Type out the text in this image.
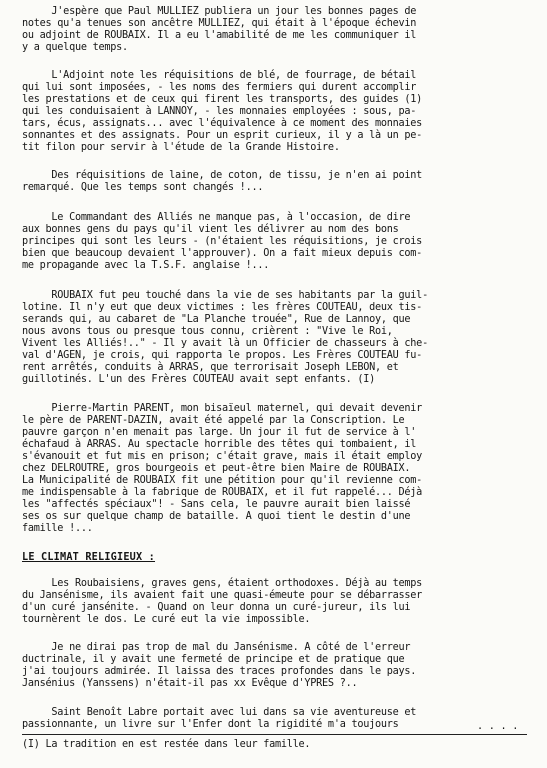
J'espère que Paul MULLIEZ publiera un jour les bonnes pages de
notes qu'a tenues son ancêtre MULLIEZ, qui était à l'époque échevin
ou adjoint de ROUBAIX. Il a eu l'amabilité de me les communiquer il
y a quelque temps.
L'Adjoint note les réquisitions de blé, de fourrage, de bétail
qui lui sont imposées, - les noms des fermiers qui durent accomplir
les prestations et de ceux qui firent les transports, des guides (1)
qui les conduisaient à LANNOY, - les monnaies employées : sous, pa-
tars, écus, assignats... avec l'équivalence à ce moment des monnaies
sonnantes et des assignats. Pour un esprit curieux, il y a là un pe-
tit filon pour servir à l'étude de la Grande Histoire.
Des réquisitions de laine, de coton, de tissu, je n'en ai point
remarqué. Que les temps sont changés !...
Le Commandant des Alliés ne manque pas, à l'occasion, de dire
aux bonnes gens du pays qu'il vient les délivrer au nom des bons
principes qui sont les leurs - (n'étaient les réquisitions, je crois
bien que beaucoup devaient l'approuver). On a fait mieux depuis com-
me propagande avec la T.S.F. anglaise !...
ROUBAIX fut peu touché dans la vie de ses habitants par la guil-
lotine. Il n'y eut que deux victimes : les frères COUTEAU, deux tis-
serands qui, au cabaret de "La Planche trouée", Rue de Lannoy, que
nous avons tous ou presque tous connu, crièrent : "Vive le Roi,
Vivent les Alliés!.." - Il y avait là un Officier de chasseurs à che-
val d'AGEN, je crois, qui rapporta le propos. Les Frères COUTEAU fu-
rent arrêtés, conduits à ARRAS, que terrorisait Joseph LEBON, et
guillotinés. L'un des Frères COUTEAU avait sept enfants. (I)
Pierre-Martin PARENT, mon bisaïeul maternel, qui devait devenir
le père de PARENT-DAZIN, avait été appelé par la Conscription. Le
pauvre garçon n'en menait pas large. Un jour il fut de service à l'
échafaud à ARRAS. Au spectacle horrible des têtes qui tombaient, il
s'évanouit et fut mis en prison; c'était grave, mais il était employ
chez DELROUTRE, gros bourgeois et peut-être bien Maire de ROUBAIX.
La Municipalité de ROUBAIX fit une pétition pour qu'il revienne com-
me indispensable à la fabrique de ROUBAIX, et il fut rappelé... Déjà
les "affectés spéciaux"! - Sans cela, le pauvre aurait bien laissé
ses os sur quelque champ de bataille. A quoi tient le destin d'une
famille !...
LE CLIMAT RELIGIEUX :
Les Roubaisiens, graves gens, étaient orthodoxes. Déjà au temps
du Jansénisme, ils avaient fait une quasi-émeute pour se débarrasser
d'un curé jansénite. - Quand on leur donna un curé-jureur, ils lui
tournèrent le dos. Le curé eut la vie impossible.
Je ne dirai pas trop de mal du Jansénisme. A côté de l'erreur
ductrinale, il y avait une fermeté de principe et de pratique que
j'ai toujours admirée. Il laissa des traces profondes dans le pays.
Jansénius (Yanssens) n'était-il pas xx Evêque d'YPRES ?..
Saint Benoît Labre portait avec lui dans sa vie aventureuse et
passionnante, un livre sur l'Enfer dont la rigidité m'a toujours	. . . .
(I) La tradition en est restée dans leur famille.
